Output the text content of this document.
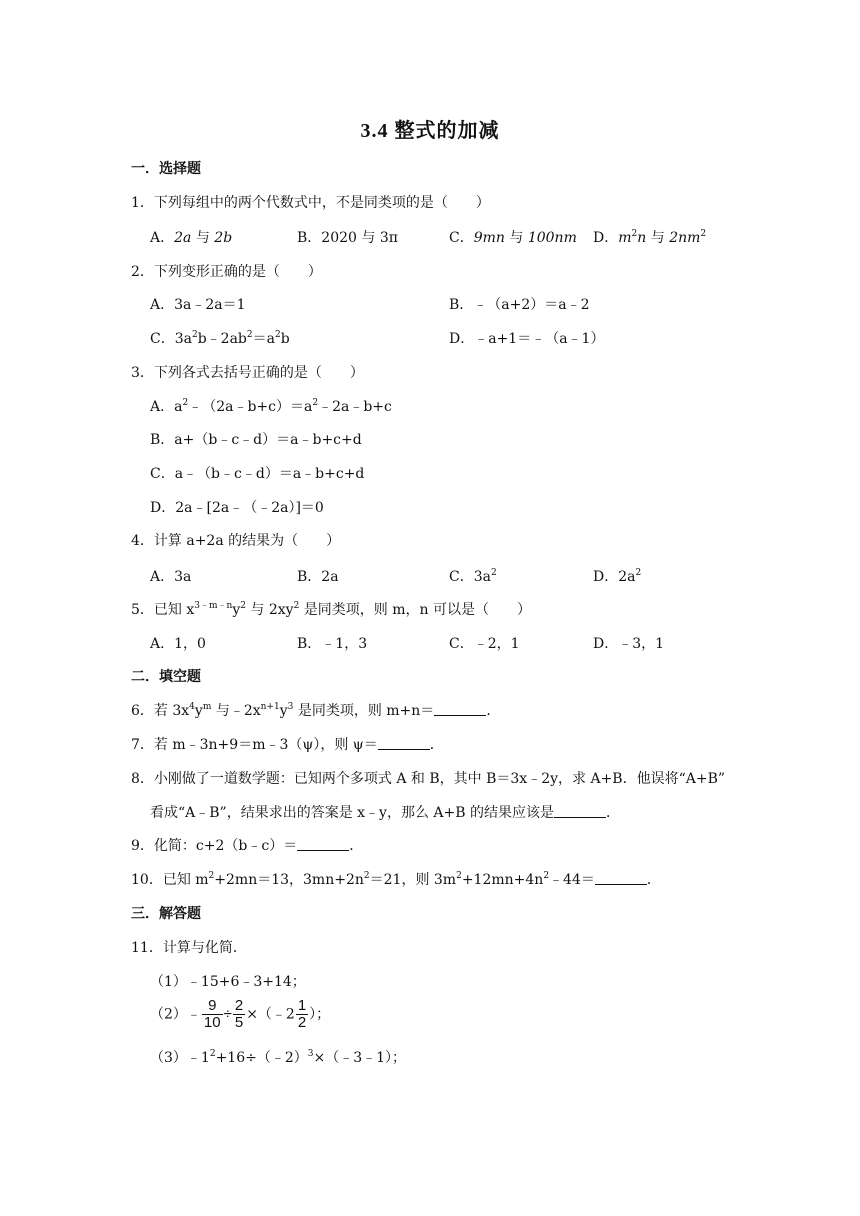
3.4 整式的加减
一．选择题
1．下列每组中的两个代数式中，不是同类项的是（　　）
A．2a 与 2b	B．2020 与 3π	C．9mn 与 100nm D．$m^2n$ 与 $2nm^2$
2．下列变形正确的是（　　）
A．3a﹣2a＝1	B．﹣（a+2）＝a﹣2
C．$3a^2b﹣2ab^2=a^2b$	D．﹣a+1＝﹣（a﹣1）
3．下列各式去括号正确的是（　　）
A．$a^2﹣(2a﹣b+c)=a^2﹣2a﹣b+c$
B．a+（b﹣c﹣d）＝a﹣b+c+d
C．a﹣（b﹣c﹣d）＝a﹣b+c+d
D．2a﹣[2a﹣（﹣2a）]＝0
4．计算 a+2a 的结果为（　　）
A．3a	B．2a	C．$3a^2$	D．$2a^2$
5．已知 $x^{3﹣m﹣n}y^2$ 与 $2xy^2$ 是同类项，则 m，n 可以是（　　）
A．1，0	B．﹣1，3	C．﹣2，1	D．﹣3，1
二．填空题
6．若 $3x^4y^m$ 与$﹣2x^{n+1}y^3$ 是同类项，则 m+n＝	．
7．若 m﹣3n+9＝m﹣3（ψ），则 ψ＝	．
8．小刚做了一道数学题：已知两个多项式 A 和 B，其中 B＝3x﹣2y，求 A+B．他误将“A+B”
看成“A﹣B”，结果求出的答案是 x﹣y，那么 A+B 的结果应该是	．
9．化简：c+2（b﹣c）＝	．
10．已知 $m^2+2mn=13$，$3mn+2n^2=21$，则 $3m^2+12mn+4n^2﹣44=$	．
三．解答题
11．计算与化简．
（1）﹣15+6﹣3+14；
（2）﹣ $\frac{9}{10} \div \frac{2}{5}$ ×（﹣2 $\frac{1}{2}$ ）；
$(3)﹣1^2+16\div(﹣2)^3\times(﹣3﹣1)$；
